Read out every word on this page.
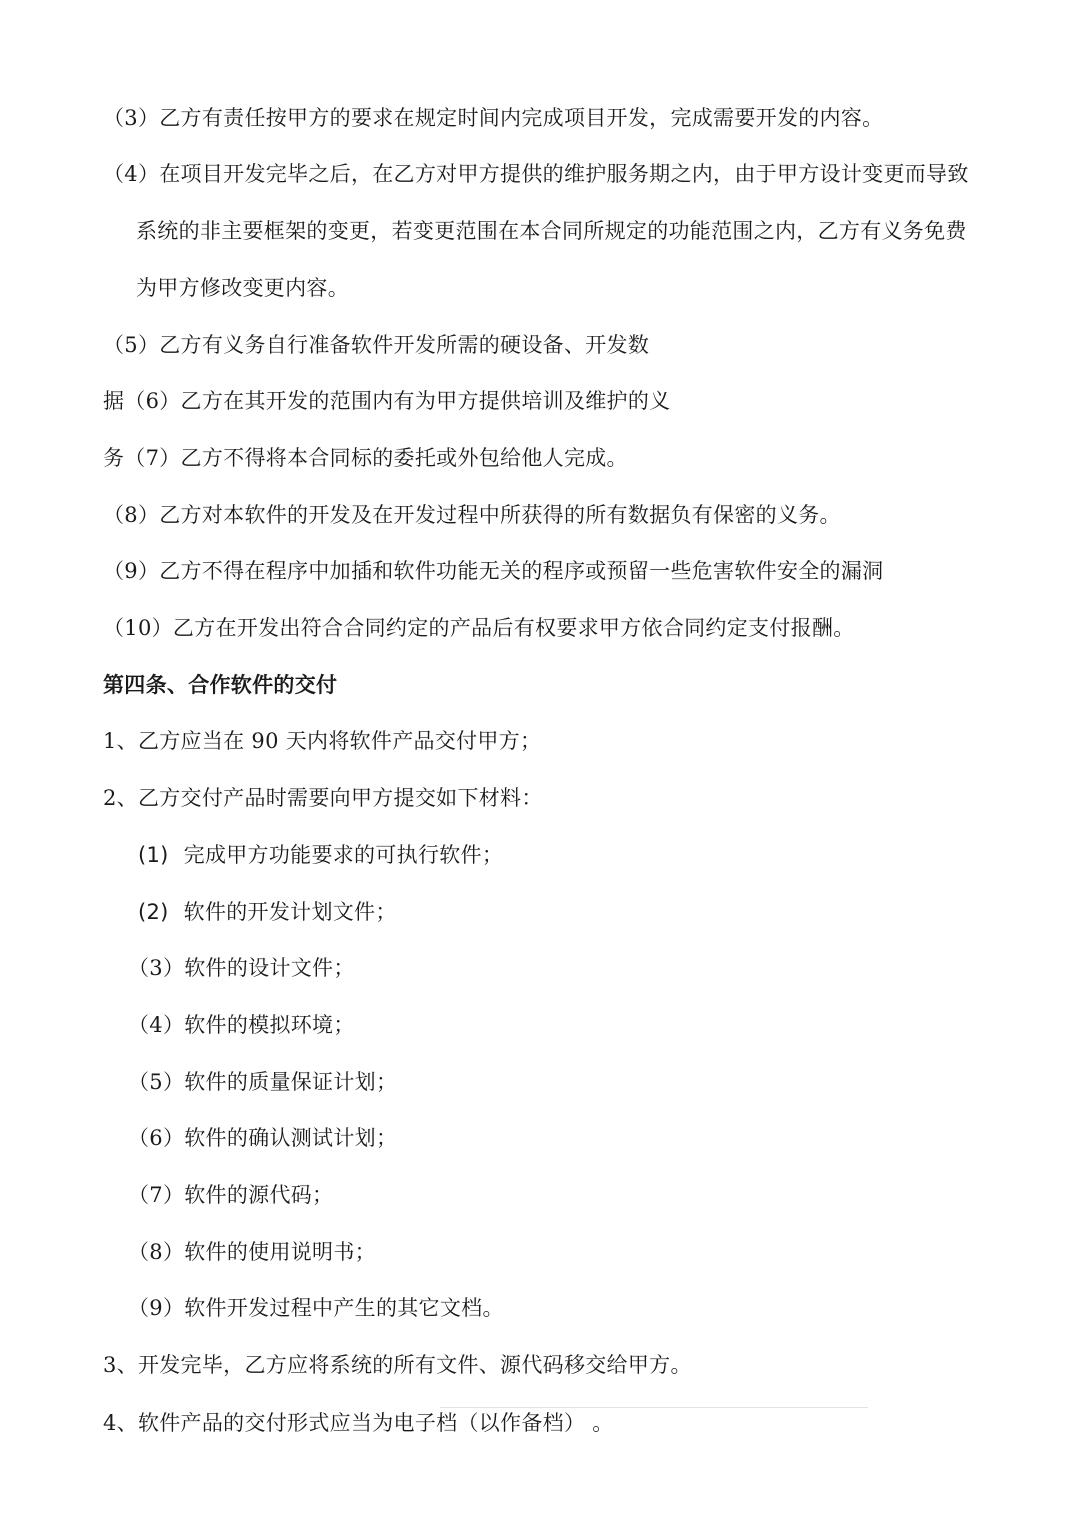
（3）乙方有责任按甲方的要求在规定时间内完成项目开发，完成需要开发的内容。
（4）在项目开发完毕之后，在乙方对甲方提供的维护服务期之内，由于甲方设计变更而导致
系统的非主要框架的变更，若变更范围在本合同所规定的功能范围之内，乙方有义务免费
为甲方修改变更内容。
（5）乙方有义务自行准备软件开发所需的硬设备、开发数
据（6）乙方在其开发的范围内有为甲方提供培训及维护的义
务（7）乙方不得将本合同标的委托或外包给他人完成。
（8）乙方对本软件的开发及在开发过程中所获得的所有数据负有保密的义务。
（9）乙方不得在程序中加插和软件功能无关的程序或预留一些危害软件安全的漏洞
（10）乙方在开发出符合合同约定的产品后有权要求甲方依合同约定支付报酬。
第四条、合作软件的交付
1、乙方应当在 90 天内将软件产品交付甲方；
2、乙方交付产品时需要向甲方提交如下材料：
(1) 完成甲方功能要求的可执行软件；
(2) 软件的开发计划文件；
（3）软件的设计文件；
（4）软件的模拟环境；
（5）软件的质量保证计划；
（6）软件的确认测试计划；
（7）软件的源代码；
（8）软件的使用说明书；
（9）软件开发过程中产生的其它文档。
3、开发完毕，乙方应将系统的所有文件、源代码移交给甲方。
4、软件产品的交付形式应当为电子档（以作备档） 。
